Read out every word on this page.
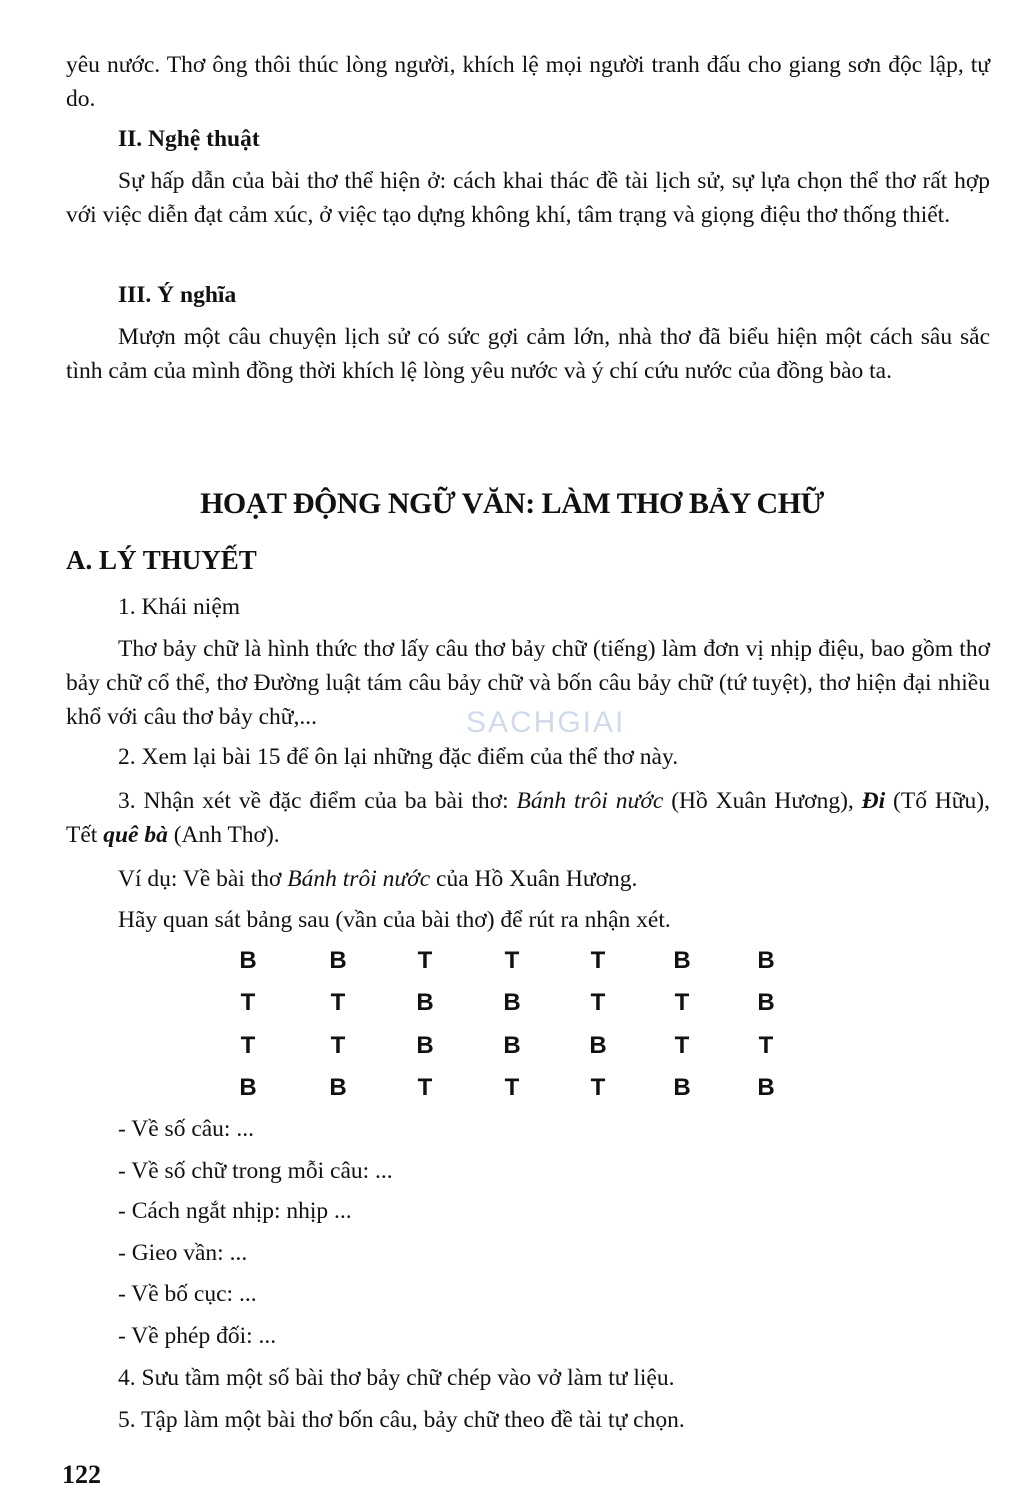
yêu nước. Thơ ông thôi thúc lòng người, khích lệ mọi người tranh đấu cho giang sơn độc lập, tự do.

II. Nghệ thuật

Sự hấp dẫn của bài thơ thể hiện ở: cách khai thác đề tài lịch sử, sự lựa chọn thể thơ rất hợp với việc diễn đạt cảm xúc, ở việc tạo dựng không khí, tâm trạng và giọng điệu thơ thống thiết.

III. Ý nghĩa

Mượn một câu chuyện lịch sử có sức gợi cảm lớn, nhà thơ đã biểu hiện một cách sâu sắc tình cảm của mình đồng thời khích lệ lòng yêu nước và ý chí cứu nước của đồng bào ta.

HOẠT ĐỘNG NGỮ VĂN: LÀM THƠ BẢY CHỮ

A. LÝ THUYẾT

1. Khái niệm

Thơ bảy chữ là hình thức thơ lấy câu thơ bảy chữ (tiếng) làm đơn vị nhịp điệu, bao gồm thơ bảy chữ cổ thể, thơ Đường luật tám câu bảy chữ và bốn câu bảy chữ (tứ tuyệt), thơ hiện đại nhiều khổ với câu thơ bảy chữ,...	SACHGIAI

2. Xem lại bài 15 để ôn lại những đặc điểm của thể thơ này.

3. Nhận xét về đặc điểm của ba bài thơ: Bánh trôi nước (Hồ Xuân Hương), Đi (Tố Hữu), Tết quê bà (Anh Thơ).

Ví dụ: Về bài thơ Bánh trôi nước của Hồ Xuân Hương.

Hãy quan sát bảng sau (vần của bài thơ) để rút ra nhận xét.

B	B	T	T	T	B	B
T	T	B	B	T	T	B
T	T	B	B	B	T	T
B	B	T	T	T	B	B

- Về số câu: ...

- Về số chữ trong mỗi câu: ...

- Cách ngắt nhịp: nhịp ...

- Gieo vần: ...

- Về bố cục: ...

- Về phép đối: ...

4. Sưu tầm một số bài thơ bảy chữ chép vào vở làm tư liệu.

5. Tập làm một bài thơ bốn câu, bảy chữ theo đề tài tự chọn.

122
